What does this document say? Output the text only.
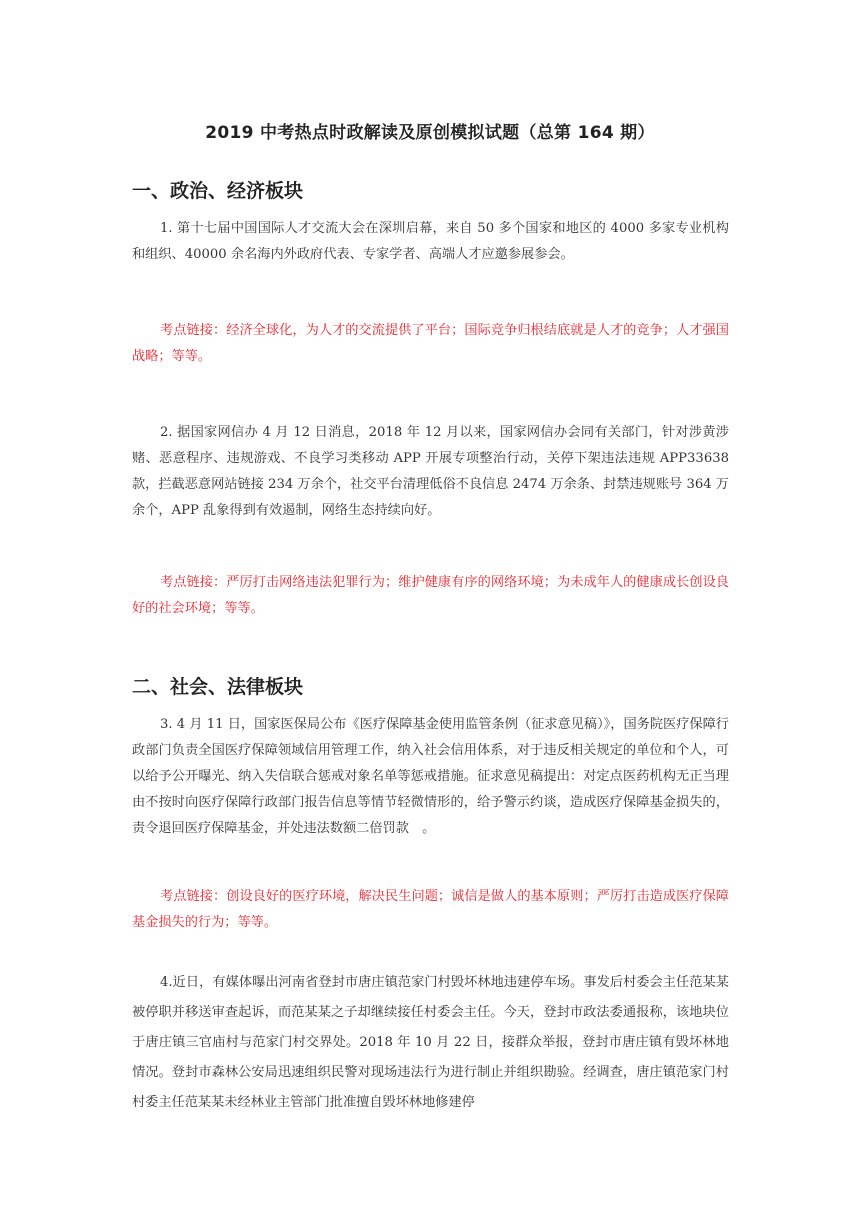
2019 中考热点时政解读及原创模拟试题（总第 164 期）
一、政治、经济板块
1. 第十七届中国国际人才交流大会在深圳启幕，来自 50 多个国家和地区的 4000 多家专业机构和组织、40000 余名海内外政府代表、专家学者、高端人才应邀参展参会。
考点链接：经济全球化，为人才的交流提供了平台；国际竞争归根结底就是人才的竞争；人才强国战略；等等。
2. 据国家网信办 4 月 12 日消息，2018 年 12 月以来，国家网信办会同有关部门，针对涉黄涉赌、恶意程序、违规游戏、不良学习类移动 APP 开展专项整治行动，关停下架违法违规 APP33638 款，拦截恶意网站链接 234 万余个，社交平台清理低俗不良信息 2474 万余条、封禁违规账号 364 万余个，APP 乱象得到有效遏制，网络生态持续向好。
考点链接：严厉打击网络违法犯罪行为；维护健康有序的网络环境；为未成年人的健康成长创设良好的社会环境；等等。
二、社会、法律板块
3. 4 月 11 日，国家医保局公布《医疗保障基金使用监管条例（征求意见稿）》，国务院医疗保障行政部门负责全国医疗保障领域信用管理工作，纳入社会信用体系，对于违反相关规定的单位和个人，可以给予公开曝光、纳入失信联合惩戒对象名单等惩戒措施。征求意见稿提出：对定点医药机构无正当理由不按时向医疗保障行政部门报告信息等情节轻微情形的，给予警示约谈，造成医疗保障基金损失的，责令退回医疗保障基金，并处违法数额二倍罚款　。
考点链接：创设良好的医疗环境，解决民生问题；诚信是做人的基本原则；严厉打击造成医疗保障基金损失的行为；等等。
4.近日，有媒体曝出河南省登封市唐庄镇范家门村毁坏林地违建停车场。事发后村委会主任范某某被停职并移送审查起诉，而范某某之子却继续接任村委会主任。今天，登封市政法委通报称，该地块位于唐庄镇三官庙村与范家门村交界处。2018 年 10 月 22 日，接群众举报，登封市唐庄镇有毁坏林地情况。登封市森林公安局迅速组织民警对现场违法行为进行制止并组织勘验。经调查，唐庄镇范家门村村委主任范某某未经林业主管部门批准擅自毁坏林地修建停
